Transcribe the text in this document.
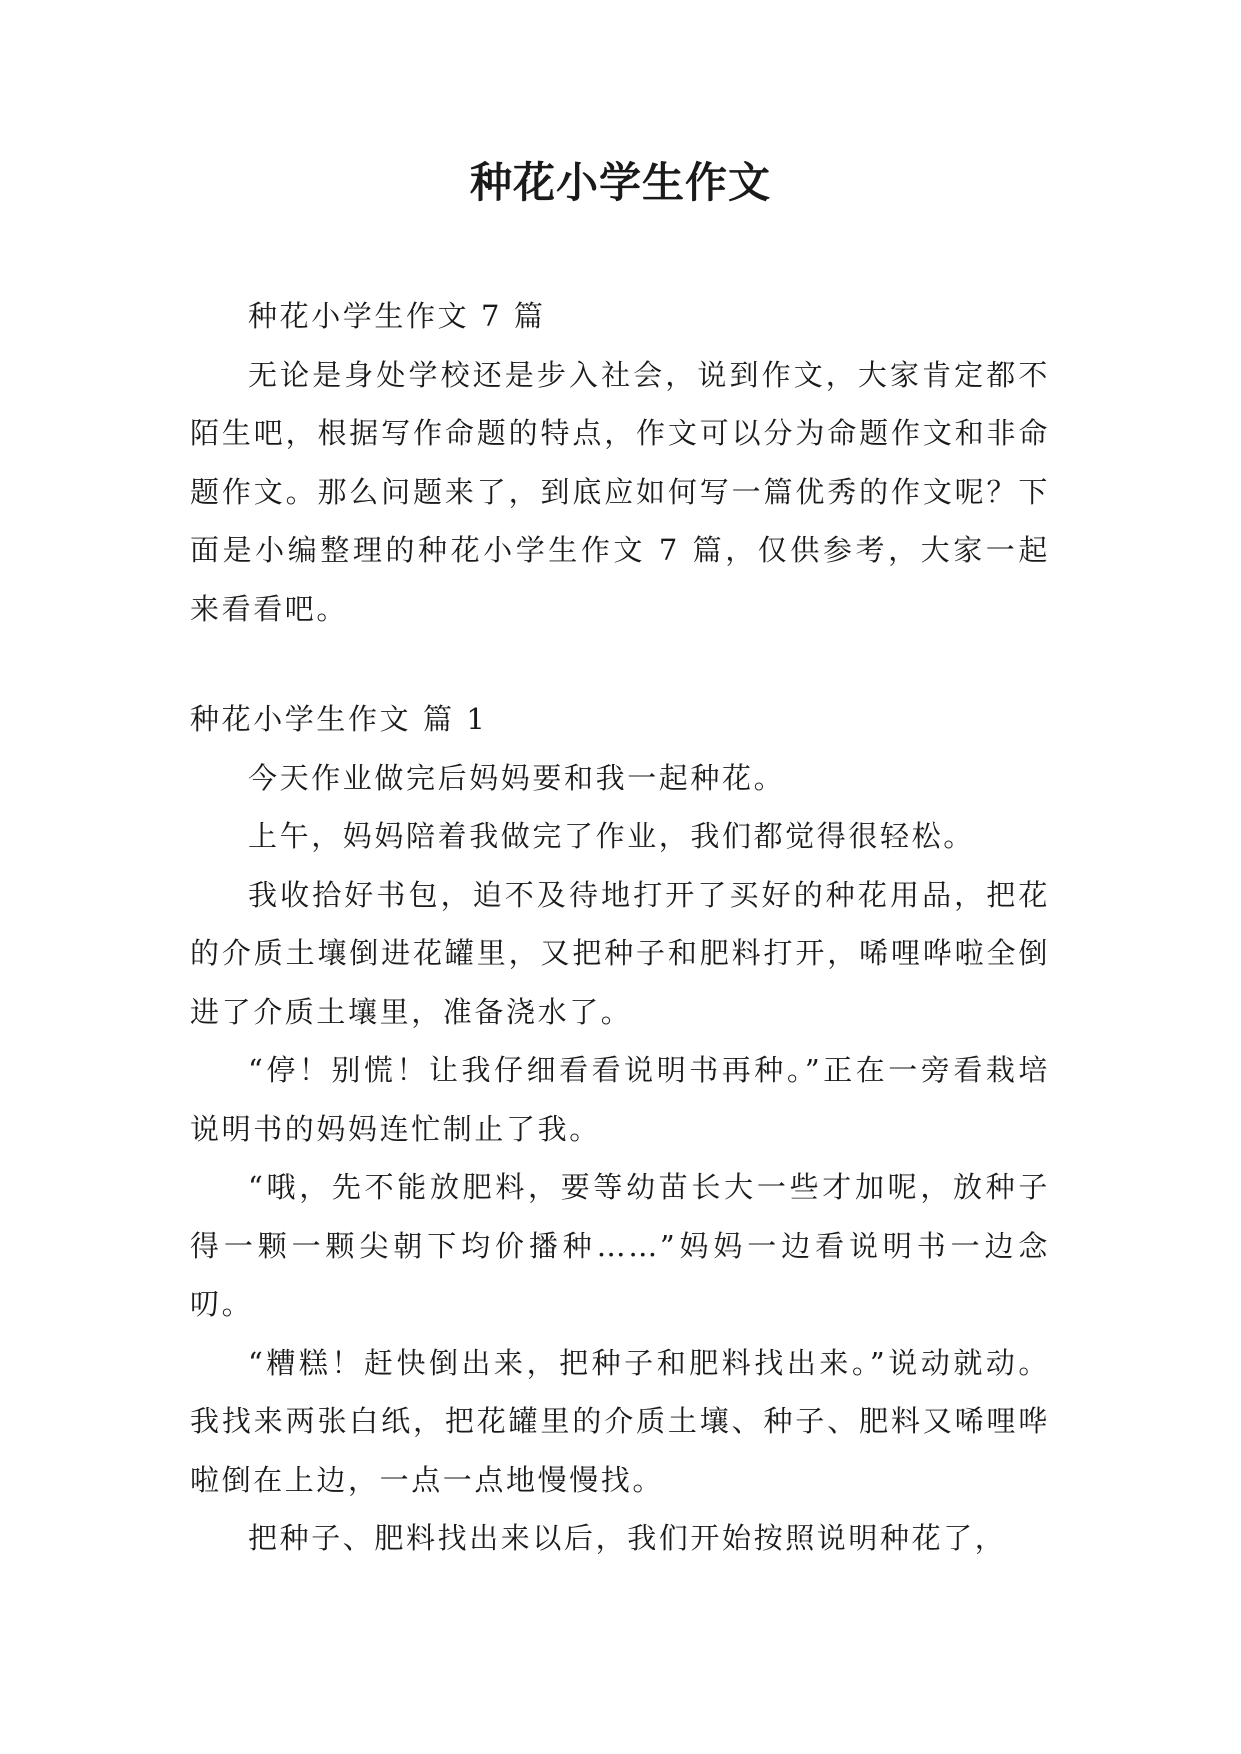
种花小学生作文

种花小学生作文 7 篇

无论是身处学校还是步入社会，说到作文，大家肯定都不陌生吧，根据写作命题的特点，作文可以分为命题作文和非命题作文。那么问题来了，到底应如何写一篇优秀的作文呢？下面是小编整理的种花小学生作文 7 篇，仅供参考，大家一起来看看吧。

种花小学生作文 篇 1

今天作业做完后妈妈要和我一起种花。

上午，妈妈陪着我做完了作业，我们都觉得很轻松。

我收拾好书包，迫不及待地打开了买好的种花用品，把花的介质土壤倒进花罐里，又把种子和肥料打开，唏哩哗啦全倒进了介质土壤里，准备浇水了。

“停！别慌！让我仔细看看说明书再种。”正在一旁看栽培说明书的妈妈连忙制止了我。

“哦，先不能放肥料，要等幼苗长大一些才加呢，放种子得一颗一颗尖朝下均价播种……”妈妈一边看说明书一边念叨。

“糟糕！赶快倒出来，把种子和肥料找出来。”说动就动。我找来两张白纸，把花罐里的介质土壤、种子、肥料又唏哩哗啦倒在上边，一点一点地慢慢找。

把种子、肥料找出来以后，我们开始按照说明种花了，
